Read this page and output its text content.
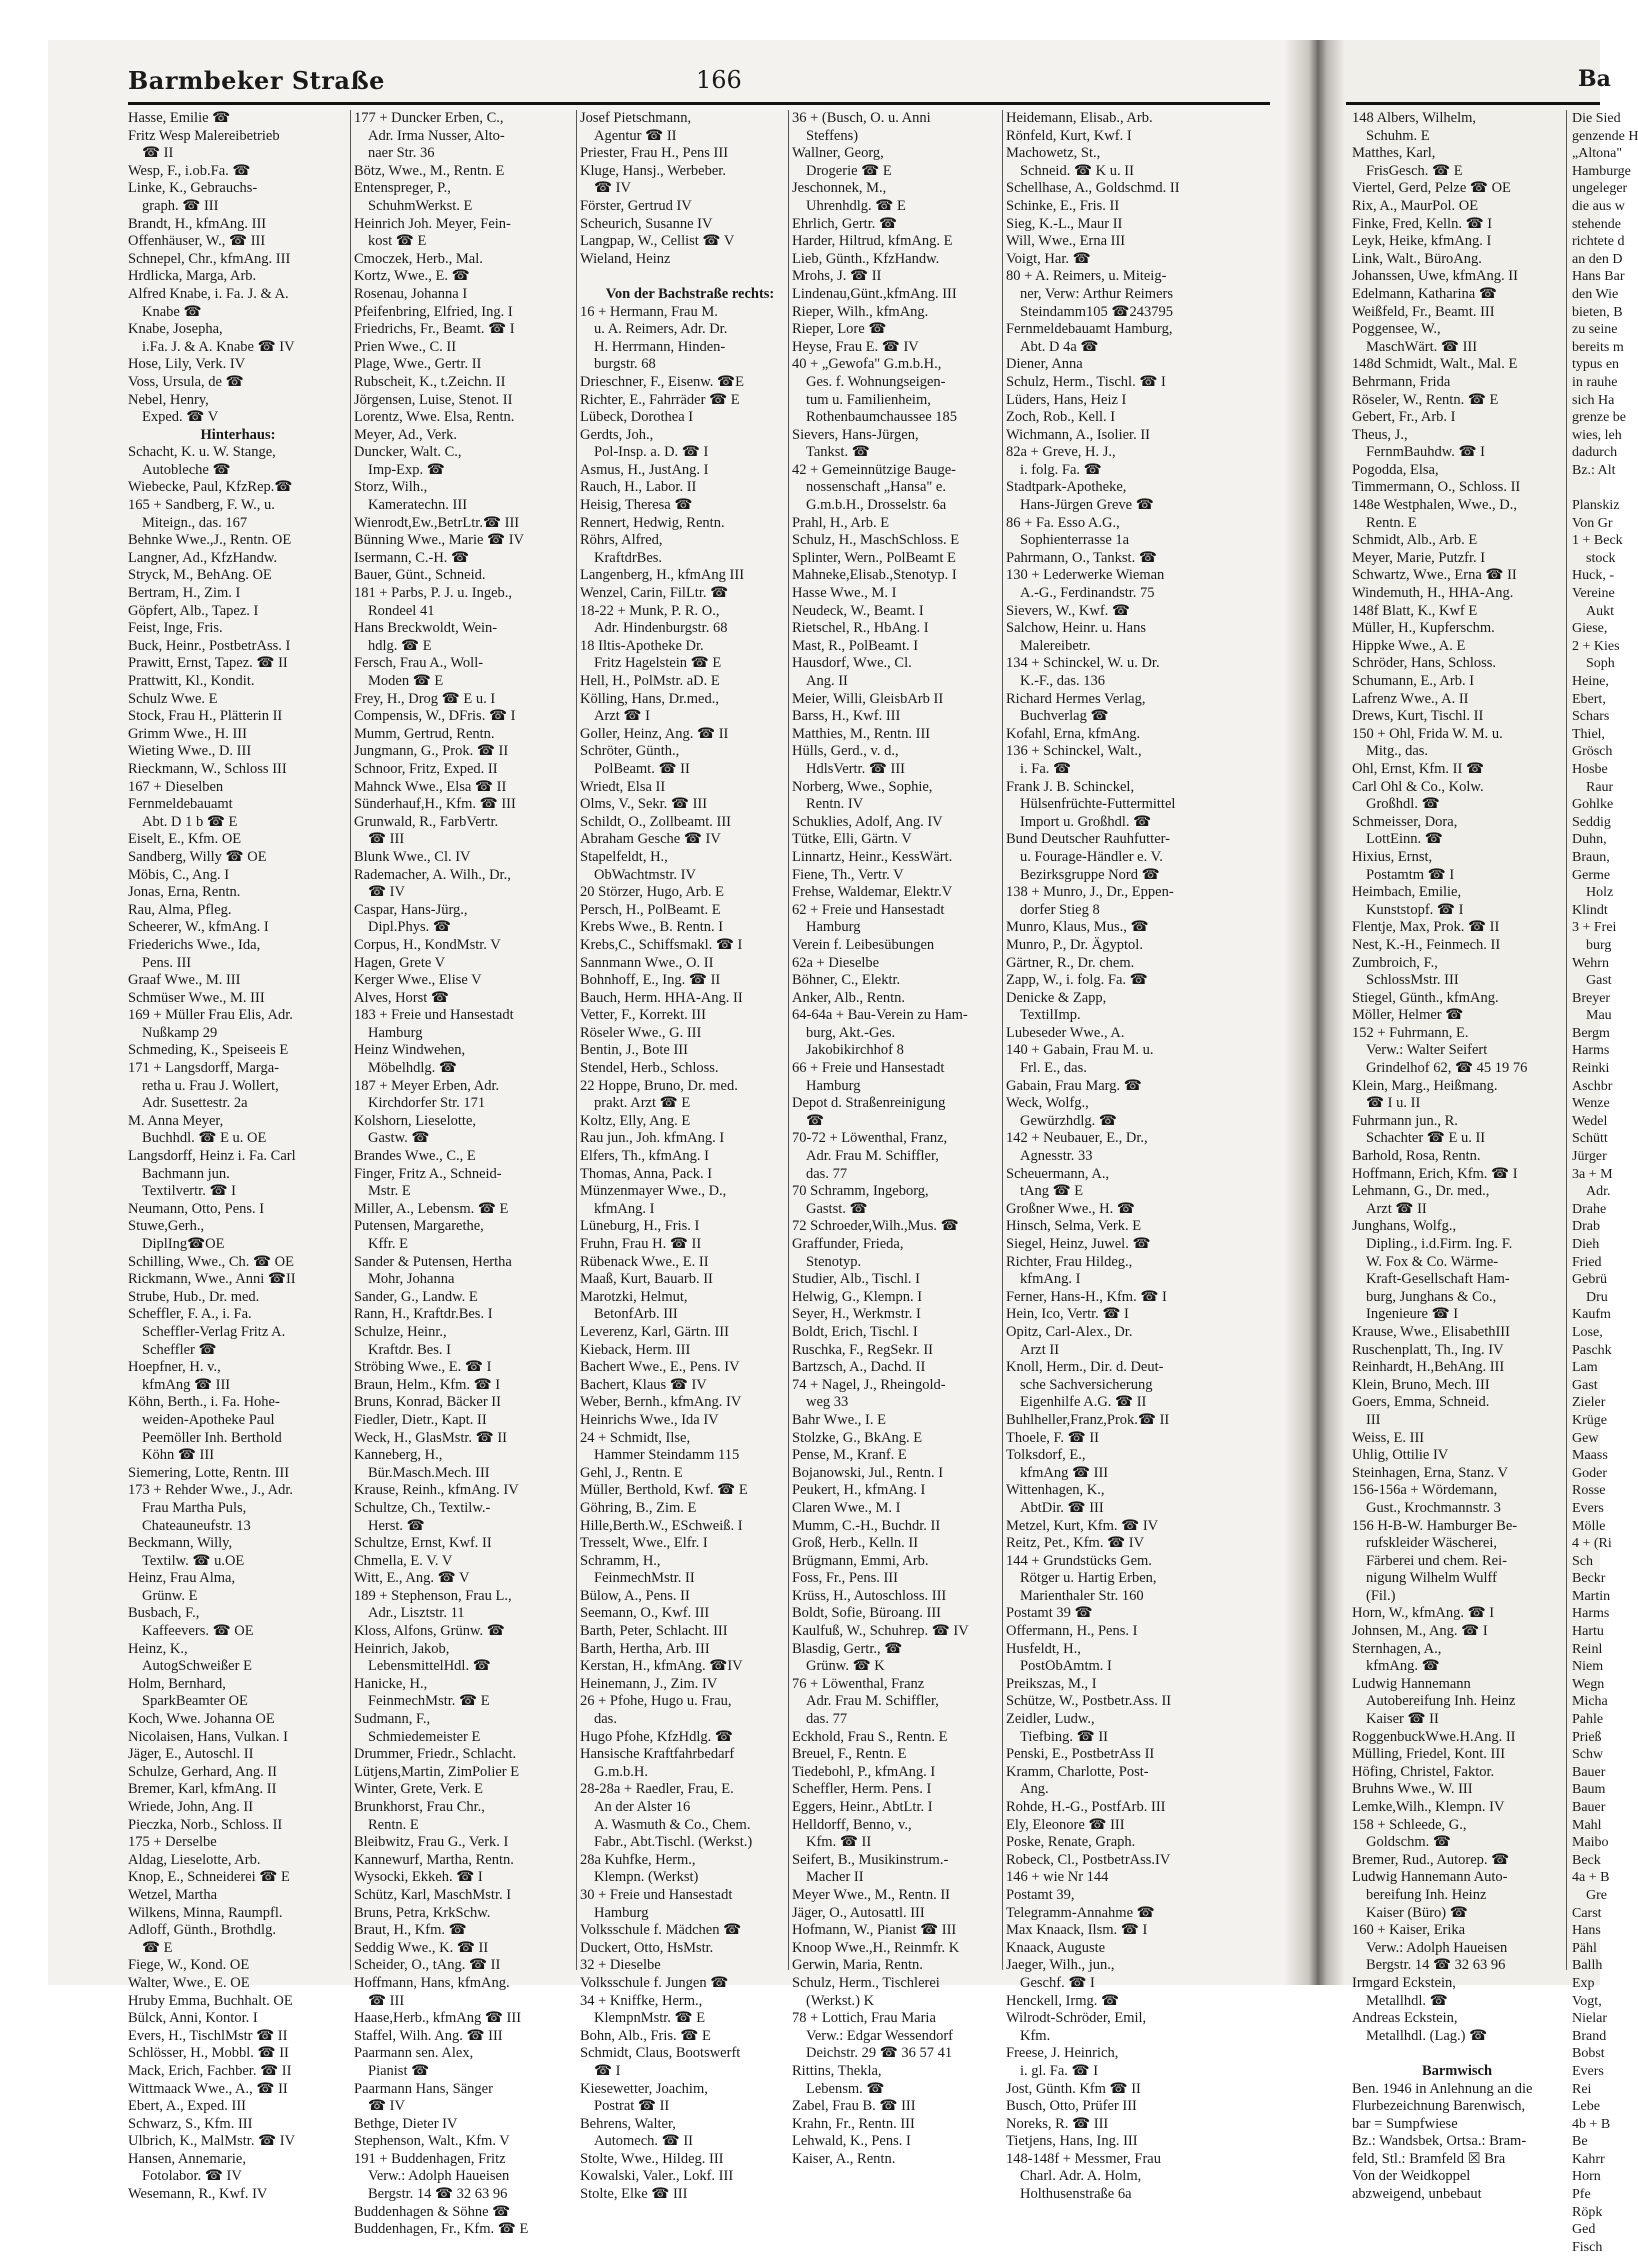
Barmbeker Straße	166
Hasse, Emilie ☎
Fritz Wesp Malereibetrieb
☎ II
Wesp, F., i.ob.Fa. ☎
Linke, K., Gebrauchs-
graph. ☎ III
Brandt, H., kfmAng. III
Offenhäuser, W., ☎ III
Schnepel, Chr., kfmAng. III
Hrdlicka, Marga, Arb.
Alfred Knabe, i. Fa. J. & A.
Knabe ☎
Knabe, Josepha,
i.Fa. J. & A. Knabe ☎ IV
Hose, Lily, Verk. IV
Voss, Ursula, de ☎
Nebel, Henry,
Exped. ☎ V
Hinterhaus:
Schacht, K. u. W. Stange,
Autobleche ☎
Wiebecke, Paul, KfzRep.☎
165 + Sandberg, F. W., u.
Miteign., das. 167
Behnke Wwe.,J., Rentn. OE
Langner, Ad., KfzHandw.
Stryck, M., BehAng. OE
Bertram, H., Zim. I
Göpfert, Alb., Tapez. I
Feist, Inge, Fris.
Buck, Heinr., PostbetrAss. I
Prawitt, Ernst, Tapez. ☎ II
Prattwitt, Kl., Kondit.
Schulz Wwe. E
Stock, Frau H., Plätterin II
Grimm Wwe., H. III
Wieting Wwe., D. III
Rieckmann, W., Schloss III
167 + Dieselben
Fernmeldebauamt
Abt. D 1 b ☎ E
Eiselt, E., Kfm. OE
Sandberg, Willy ☎ OE
Möbis, C., Ang. I
Jonas, Erna, Rentn.
Rau, Alma, Pfleg.
Scheerer, W., kfmAng. I
Friederichs Wwe., Ida,
Pens. III
Graaf Wwe., M. III
Schmüser Wwe., M. III
169 + Müller Frau Elis, Adr.
Nußkamp 29
Schmeding, K., Speiseeis E
171 + Langsdorff, Marga-
retha u. Frau J. Wollert,
Adr. Susettestr. 2a
M. Anna Meyer,
Buchhdl. ☎ E u. OE
Langsdorff, Heinz i. Fa. Carl
Bachmann jun.
Textilvertr. ☎ I
Neumann, Otto, Pens. I
Stuwe,Gerh.,
DiplIng☎OE
Schilling, Wwe., Ch. ☎ OE
Rickmann, Wwe., Anni ☎II
Strube, Hub., Dr. med.
Scheffler, F. A., i. Fa.
Scheffler-Verlag Fritz A.
Scheffler ☎
Hoepfner, H. v.,
kfmAng ☎ III
Köhn, Berth., i. Fa. Hohe-
weiden-Apotheke Paul
Peemöller Inh. Berthold
Köhn ☎ III
Siemering, Lotte, Rentn. III
173 + Rehder Wwe., J., Adr.
Frau Martha Puls,
Chateauneufstr. 13
Beckmann, Willy,
Textilw. ☎ u.OE
Heinz, Frau Alma,
Grünw. E
Busbach, F.,
Kaffeevers. ☎ OE
Heinz, K.,
AutogSchweißer E
Holm, Bernhard,
SparkBeamter OE
Koch, Wwe. Johanna OE
Nicolaisen, Hans, Vulkan. I
Jäger, E., Autoschl. II
Schulze, Gerhard, Ang. II
Bremer, Karl, kfmAng. II
Wriede, John, Ang. II
Pieczka, Norb., Schloss. II
175 + Derselbe
Aldag, Lieselotte, Arb.
Knop, E., Schneiderei ☎ E
Wetzel, Martha
Wilkens, Minna, Raumpfl.
Adloff, Günth., Brothdlg.
☎ E
Fiege, W., Kond. OE
Walter, Wwe., E. OE
Hruby Emma, Buchhalt. OE
Bülck, Anni, Kontor. I
Evers, H., TischlMstr ☎ II
Schlösser, H., Mobbl. ☎ II
Mack, Erich, Fachber. ☎ II
Wittmaack Wwe., A., ☎ II
Ebert, A., Exped. III
Schwarz, S., Kfm. III
Ulbrich, K., MalMstr. ☎ IV
Hansen, Annemarie,
Fotolabor. ☎ IV
Wesemann, R., Kwf. IV
177 + Duncker Erben, C.,
Adr. Irma Nusser, Alto-
naer Str. 36
Bötz, Wwe., M., Rentn. E
Entenspreger, P.,
SchuhmWerkst. E
Heinrich Joh. Meyer, Fein-
kost ☎ E
Cmoczek, Herb., Mal.
Kortz, Wwe., E. ☎
Rosenau, Johanna I
Pfeifenbring, Elfried, Ing. I
Friedrichs, Fr., Beamt. ☎ I
Prien Wwe., C. II
Plage, Wwe., Gertr. II
Rubscheit, K., t.Zeichn. II
Jörgensen, Luise, Stenot. II
Lorentz, Wwe. Elsa, Rentn.
Meyer, Ad., Verk.
Duncker, Walt. C.,
Imp-Exp. ☎
Storz, Wilh.,
Kameratechn. III
Wienrodt,Ew.,BetrLtr.☎ III
Bünning Wwe., Marie ☎ IV
Isermann, C.-H. ☎
Bauer, Günt., Schneid.
181 + Parbs, P. J. u. Ingeb.,
Rondeel 41
Hans Breckwoldt, Wein-
hdlg. ☎ E
Fersch, Frau A., Woll-
Moden ☎ E
Frey, H., Drog ☎ E u. I
Compensis, W., DFris. ☎ I
Mumm, Gertrud, Rentn.
Jungmann, G., Prok. ☎ II
Schnoor, Fritz, Exped. II
Mahnck Wwe., Elsa ☎ II
Sünderhauf,H., Kfm. ☎ III
Grunwald, R., FarbVertr.
☎ III
Blunk Wwe., Cl. IV
Rademacher, A. Wilh., Dr.,
☎ IV
Caspar, Hans-Jürg.,
Dipl.Phys. ☎
Corpus, H., KondMstr. V
Hagen, Grete V
Kerger Wwe., Elise V
Alves, Horst ☎
183 + Freie und Hansestadt
Hamburg
Heinz Windwehen,
Möbelhdlg. ☎
187 + Meyer Erben, Adr.
Kirchdorfer Str. 171
Kolshorn, Lieselotte,
Gastw. ☎
Brandes Wwe., C., E
Finger, Fritz A., Schneid-
Mstr. E
Miller, A., Lebensm. ☎ E
Putensen, Margarethe,
Kffr. E
Sander & Putensen, Hertha
Mohr, Johanna
Sander, G., Landw. E
Rann, H., Kraftdr.Bes. I
Schulze, Heinr.,
Kraftdr. Bes. I
Ströbing Wwe., E. ☎ I
Braun, Helm., Kfm. ☎ I
Bruns, Konrad, Bäcker II
Fiedler, Dietr., Kapt. II
Weck, H., GlasMstr. ☎ II
Kanneberg, H.,
Bür.Masch.Mech. III
Krause, Reinh., kfmAng. IV
Schultze, Ch., Textilw.-
Herst. ☎
Schultze, Ernst, Kwf. II
Chmella, E. V. V
Witt, E., Ang. ☎ V
189 + Stephenson, Frau L.,
Adr., Lisztstr. 11
Kloss, Alfons, Grünw. ☎
Heinrich, Jakob,
LebensmittelHdl. ☎
Hanicke, H.,
FeinmechMstr. ☎ E
Sudmann, F.,
Schmiedemeister E
Drummer, Friedr., Schlacht.
Lütjens,Martin, ZimPolier E
Winter, Grete, Verk. E
Brunkhorst, Frau Chr.,
Rentn. E
Bleibwitz, Frau G., Verk. I
Kannewurf, Martha, Rentn.
Wysocki, Ekkeh. ☎ I
Schütz, Karl, MaschMstr. I
Bruns, Petra, KrkSchw.
Braut, H., Kfm. ☎
Seddig Wwe., K. ☎ II
Scheider, O., tAng. ☎ II
Hoffmann, Hans, kfmAng.
☎ III
Haase,Herb., kfmAng ☎ III
Staffel, Wilh. Ang. ☎ III
Paarmann sen. Alex,
Pianist ☎
Paarmann Hans, Sänger
☎ IV
Bethge, Dieter IV
Stephenson, Walt., Kfm. V
191 + Buddenhagen, Fritz
Verw.: Adolph Haueisen
Bergstr. 14 ☎ 32 63 96
Buddenhagen & Söhne ☎
Buddenhagen, Fr., Kfm. ☎ E
Josef Pietschmann,
Agentur ☎ II
Priester, Frau H., Pens III
Kluge, Hansj., Werbeber.
☎ IV
Förster, Gertrud IV
Scheurich, Susanne IV
Langpap, W., Cellist ☎ V
Wieland, Heinz

Von der Bachstraße rechts:
16 + Hermann, Frau M.
u. A. Reimers, Adr. Dr.
H. Herrmann, Hinden-
burgstr. 68
Drieschner, F., Eisenw. ☎E
Richter, E., Fahrräder ☎ E
Lübeck, Dorothea I
Gerdts, Joh.,
Pol-Insp. a. D. ☎ I
Asmus, H., JustAng. I
Rauch, H., Labor. II
Heisig, Theresa ☎
Rennert, Hedwig, Rentn.
Röhrs, Alfred,
KraftdrBes.
Langenberg, H., kfmAng III
Wenzel, Carin, FilLtr. ☎
18-22 + Munk, P. R. O.,
Adr. Hindenburgstr. 68
18 Iltis-Apotheke Dr.
Fritz Hagelstein ☎ E
Hell, H., PolMstr. aD. E
Kölling, Hans, Dr.med.,
Arzt ☎ I
Goller, Heinz, Ang. ☎ II
Schröter, Günth.,
PolBeamt. ☎ II
Wriedt, Elsa II
Olms, V., Sekr. ☎ III
Schildt, O., Zollbeamt. III
Abraham Gesche ☎ IV
Stapelfeldt, H.,
ObWachtmstr. IV
20 Störzer, Hugo, Arb. E
Persch, H., PolBeamt. E
Krebs Wwe., B. Rentn. I
Krebs,C., Schiffsmakl. ☎ I
Sannmann Wwe., O. II
Bohnhoff, E., Ing. ☎ II
Bauch, Herm. HHA-Ang. II
Vetter, F., Korrekt. III
Röseler Wwe., G. III
Bentin, J., Bote III
Stendel, Herb., Schloss.
22 Hoppe, Bruno, Dr. med.
prakt. Arzt ☎ E
Koltz, Elly, Ang. E
Rau jun., Joh. kfmAng. I
Elfers, Th., kfmAng. I
Thomas, Anna, Pack. I
Münzenmayer Wwe., D.,
kfmAng. I
Lüneburg, H., Fris. I
Fruhn, Frau H. ☎ II
Rübenack Wwe., E. II
Maaß, Kurt, Bauarb. II
Marotzki, Helmut,
BetonfArb. III
Leverenz, Karl, Gärtn. III
Kieback, Herm. III
Bachert Wwe., E., Pens. IV
Bachert, Klaus ☎ IV
Weber, Bernh., kfmAng. IV
Heinrichs Wwe., Ida IV
24 + Schmidt, Ilse,
Hammer Steindamm 115
Gehl, J., Rentn. E
Müller, Berthold, Kwf. ☎ E
Göhring, B., Zim. E
Hille,Berth.W., ESchweiß. I
Tresselt, Wwe., Elfr. I
Schramm, H.,
FeinmechMstr. II
Bülow, A., Pens. II
Seemann, O., Kwf. III
Barth, Peter, Schlacht. III
Barth, Hertha, Arb. III
Kerstan, H., kfmAng. ☎IV
Heinemann, J., Zim. IV
26 + Pfohe, Hugo u. Frau,
das.
Hugo Pfohe, KfzHdlg. ☎
Hansische Kraftfahrbedarf
G.m.b.H.
28-28a + Raedler, Frau, E.
An der Alster 16
A. Wasmuth & Co., Chem.
Fabr., Abt.Tischl. (Werkst.)
28a Kuhfke, Herm.,
Klempn. (Werkst)
30 + Freie und Hansestadt
Hamburg
Volksschule f. Mädchen ☎
Duckert, Otto, HsMstr.
32 + Dieselbe
Volksschule f. Jungen ☎
34 + Kniffke, Herm.,
KlempnMstr. ☎ E
Bohn, Alb., Fris. ☎ E
Schmidt, Claus, Bootswerft
☎ I
Kiesewetter, Joachim,
Postrat ☎ II
Behrens, Walter,
Automech. ☎ II
Stolte, Wwe., Hildeg. III
Kowalski, Valer., Lokf. III
Stolte, Elke ☎ III
36 + (Busch, O. u. Anni
Steffens)
Wallner, Georg,
Drogerie ☎ E
Jeschonnek, M.,
Uhrenhdlg. ☎ E
Ehrlich, Gertr. ☎
Harder, Hiltrud, kfmAng. E
Lieb, Günth., KfzHandw.
Mrohs, J. ☎ II
Lindenau,Günt.,kfmAng. III
Rieper, Wilh., kfmAng.
Rieper, Lore ☎
Heyse, Frau E. ☎ IV
40 + „Gewofa" G.m.b.H.,
Ges. f. Wohnungseigen-
tum u. Familienheim,
Rothenbaumchaussee 185
Sievers, Hans-Jürgen,
Tankst. ☎
42 + Gemeinnützige Bauge-
nossenschaft „Hansa" e.
G.m.b.H., Drosselstr. 6a
Prahl, H., Arb. E
Schulz, H., MaschSchloss. E
Splinter, Wern., PolBeamt E
Mahneke,Elisab.,Stenotyp. I
Hasse Wwe., M. I
Neudeck, W., Beamt. I
Rietschel, R., HbAng. I
Mast, R., PolBeamt. I
Hausdorf, Wwe., Cl.
Ang. II
Meier, Willi, GleisbArb II
Barss, H., Kwf. III
Matthies, M., Rentn. III
Hülls, Gerd., v. d.,
HdlsVertr. ☎ III
Norberg, Wwe., Sophie,
Rentn. IV
Schuklies, Adolf, Ang. IV
Tütke, Elli, Gärtn. V
Linnartz, Heinr., KessWärt.
Fiene, Th., Vertr. V
Frehse, Waldemar, Elektr.V
62 + Freie und Hansestadt
Hamburg
Verein f. Leibesübungen
62a + Dieselbe
Böhner, C., Elektr.
Anker, Alb., Rentn.
64-64a + Bau-Verein zu Ham-
burg, Akt.-Ges.
Jakobikirchhof 8
66 + Freie und Hansestadt
Hamburg
Depot d. Straßenreinigung
☎
70-72 + Löwenthal, Franz,
Adr. Frau M. Schiffler,
das. 77
70 Schramm, Ingeborg,
Gastst. ☎
72 Schroeder,Wilh.,Mus. ☎
Graffunder, Frieda,
Stenotyp.
Studier, Alb., Tischl. I
Helwig, G., Klempn. I
Seyer, H., Werkmstr. I
Boldt, Erich, Tischl. I
Ruschka, F., RegSekr. II
Bartzsch, A., Dachd. II
74 + Nagel, J., Rheingold-
weg 33
Bahr Wwe., I. E
Stolzke, G., BkAng. E
Pense, M., Kranf. E
Bojanowski, Jul., Rentn. I
Peukert, H., kfmAng. I
Claren Wwe., M. I
Mumm, C.-H., Buchdr. II
Groß, Herb., Kelln. II
Brügmann, Emmi, Arb.
Foss, Fr., Pens. III
Krüss, H., Autoschloss. III
Boldt, Sofie, Büroang. III
Kaulfuß, W., Schuhrep. ☎ IV
Blasdig, Gertr., ☎
Grünw. ☎ K
76 + Löwenthal, Franz
Adr. Frau M. Schiffler,
das. 77
Eckhold, Frau S., Rentn. E
Breuel, F., Rentn. E
Tiedebohl, P., kfmAng. I
Scheffler, Herm. Pens. I
Eggers, Heinr., AbtLtr. I
Helldorff, Benno, v.,
Kfm. ☎ II
Seifert, B., Musikinstrum.-
Macher II
Meyer Wwe., M., Rentn. II
Jäger, O., Autosattl. III
Hofmann, W., Pianist ☎ III
Knoop Wwe.,H., Reinmfr. K
Gerwin, Maria, Rentn.
Schulz, Herm., Tischlerei
(Werkst.) K
78 + Lottich, Frau Maria
Verw.: Edgar Wessendorf
Deichstr. 29 ☎ 36 57 41
Rittins, Thekla,
Lebensm. ☎
Zabel, Frau B. ☎ III
Krahn, Fr., Rentn. III
Lehwald, K., Pens. I
Kaiser, A., Rentn.
Heidemann, Elisab., Arb.
Rönfeld, Kurt, Kwf. I
Machowetz, St.,
Schneid. ☎ K u. II
Schellhase, A., Goldschmd. II
Schinke, E., Fris. II
Sieg, K.-L., Maur II
Will, Wwe., Erna III
Voigt, Har. ☎
80 + A. Reimers, u. Miteig-
ner, Verw: Arthur Reimers
Steindamm105 ☎243795
Fernmeldebauamt Hamburg,
Abt. D 4a ☎
Diener, Anna
Schulz, Herm., Tischl. ☎ I
Lüders, Hans, Heiz I
Zoch, Rob., Kell. I
Wichmann, A., Isolier. II
82a + Greve, H. J.,
i. folg. Fa. ☎
Stadtpark-Apotheke,
Hans-Jürgen Greve ☎
86 + Fa. Esso A.G.,
Sophienterrasse 1a
Pahrmann, O., Tankst. ☎
130 + Lederwerke Wieman
A.-G., Ferdinandstr. 75
Sievers, W., Kwf. ☎
Salchow, Heinr. u. Hans
Malereibetr.
134 + Schinckel, W. u. Dr.
K.-F., das. 136
Richard Hermes Verlag,
Buchverlag ☎
Kofahl, Erna, kfmAng.
136 + Schinckel, Walt.,
i. Fa. ☎
Frank J. B. Schinckel,
Hülsenfrüchte-Futtermittel
Import u. Großhdl. ☎
Bund Deutscher Rauhfutter-
u. Fourage-Händler e. V.
Bezirksgruppe Nord ☎
138 + Munro, J., Dr., Eppen-
dorfer Stieg 8
Munro, Klaus, Mus., ☎
Munro, P., Dr. Ägyptol.
Gärtner, R., Dr. chem.
Zapp, W., i. folg. Fa. ☎
Denicke & Zapp,
TextilImp.
Lubeseder Wwe., A.
140 + Gabain, Frau M. u.
Frl. E., das.
Gabain, Frau Marg. ☎
Weck, Wolfg.,
Gewürzhdlg. ☎
142 + Neubauer, E., Dr.,
Agnesstr. 33
Scheuermann, A.,
tAng ☎ E
Großner Wwe., H. ☎
Hinsch, Selma, Verk. E
Siegel, Heinz, Juwel. ☎
Richter, Frau Hildeg.,
kfmAng. I
Ferner, Hans-H., Kfm. ☎ I
Hein, Ico, Vertr. ☎ I
Opitz, Carl-Alex., Dr.
Arzt II
Knoll, Herm., Dir. d. Deut-
sche Sachversicherung
Eigenhilfe A.G. ☎ II
Buhlheller,Franz,Prok.☎ II
Thoele, F. ☎ II
Tolksdorf, E.,
kfmAng ☎ III
Wittenhagen, K.,
AbtDir. ☎ III
Metzel, Kurt, Kfm. ☎ IV
Reitz, Pet., Kfm. ☎ IV
144 + Grundstücks Gem.
Rötger u. Hartig Erben,
Marienthaler Str. 160
Postamt 39 ☎
Offermann, H., Pens. I
Husfeldt, H.,
PostObAmtm. I
Preikszas, M., I
Schütze, W., Postbetr.Ass. II
Zeidler, Ludw.,
Tiefbing. ☎ II
Penski, E., PostbetrAss II
Kramm, Charlotte, Post-
Ang.
Rohde, H.-G., PostfArb. III
Ely, Eleonore ☎ III
Poske, Renate, Graph.
Robeck, Cl., PostbetrAss.IV
146 + wie Nr 144
Postamt 39,
Telegramm-Annahme ☎
Max Knaack, Ilsm. ☎ I
Knaack, Auguste
Jaeger, Wilh., jun.,
Geschf. ☎ I
Henckell, Irmg. ☎
Wilrodt-Schröder, Emil,
Kfm.
Freese, J. Heinrich,
i. gl. Fa. ☎ I
Jost, Günth. Kfm ☎ II
Busch, Otto, Prüfer III
Noreks, R. ☎ III
Tietjens, Hans, Ing. III
148-148f + Messmer, Frau
Charl. Adr. A. Holm,
Holthusenstraße 6a
148 Albers, Wilhelm,
Schuhm. E
Matthes, Karl,
FrisGesch. ☎ E
Viertel, Gerd, Pelze ☎ OE
Rix, A., MaurPol. OE
Finke, Fred, Kelln. ☎ I
Leyk, Heike, kfmAng. I
Link, Walt., BüroAng.
Johanssen, Uwe, kfmAng. II
Edelmann, Katharina ☎
Weißfeld, Fr., Beamt. III
Poggensee, W.,
MaschWärt. ☎ III
148d Schmidt, Walt., Mal. E
Behrmann, Frida
Röseler, W., Rentn. ☎ E
Gebert, Fr., Arb. I
Theus, J.,
FernmBauhdw. ☎ I
Pogodda, Elsa,
Timmermann, O., Schloss. II
148e Westphalen, Wwe., D.,
Rentn. E
Schmidt, Alb., Arb. E
Meyer, Marie, Putzfr. I
Schwartz, Wwe., Erna ☎ II
Windemuth, H., HHA-Ang.
148f Blatt, K., Kwf E
Müller, H., Kupferschm.
Hippke Wwe., A. E
Schröder, Hans, Schloss.
Schumann, E., Arb. I
Lafrenz Wwe., A. II
Drews, Kurt, Tischl. II
150 + Ohl, Frida W. M. u.
Mitg., das.
Ohl, Ernst, Kfm. II ☎
Carl Ohl & Co., Kolw.
Großhdl. ☎
Schmeisser, Dora,
LottEinn. ☎
Hixius, Ernst,
Postamtm ☎ I
Heimbach, Emilie,
Kunststopf. ☎ I
Flentje, Max, Prok. ☎ II
Nest, K.-H., Feinmech. II
Zumbroich, F.,
SchlossMstr. III
Stiegel, Günth., kfmAng.
Möller, Helmer ☎
152 + Fuhrmann, E.
Verw.: Walter Seifert
Grindelhof 62, ☎ 45 19 76
Klein, Marg., Heißmang.
☎ I u. II
Fuhrmann jun., R.
Schachter ☎ E u. II
Barhold, Rosa, Rentn.
Hoffmann, Erich, Kfm. ☎ I
Lehmann, G., Dr. med.,
Arzt ☎ II
Junghans, Wolfg.,
Dipling., i.d.Firm. Ing. F.
W. Fox & Co. Wärme-
Kraft-Gesellschaft Ham-
burg, Junghans & Co.,
Ingenieure ☎ I
Krause, Wwe., ElisabethIII
Ruschenplatt, Th., Ing. IV
Reinhardt, H.,BehAng. III
Klein, Bruno, Mech. III
Goers, Emma, Schneid.
III
Weiss, E. III
Uhlig, Ottilie IV
Steinhagen, Erna, Stanz. V
156-156a + Wördemann,
Gust., Krochmannstr. 3
156 H-B-W. Hamburger Be-
rufskleider Wäscherei,
Färberei und chem. Rei-
nigung Wilhelm Wulff
(Fil.)
Horn, W., kfmAng. ☎ I
Johnsen, M., Ang. ☎ I
Sternhagen, A.,
kfmAng. ☎
Ludwig Hannemann
Autobereifung Inh. Heinz
Kaiser ☎ II
RoggenbuckWwe.H.Ang. II
Mülling, Friedel, Kont. III
Höfing, Christel, Faktor.
Bruhns Wwe., W. III
Lemke,Wilh., Klempn. IV
158 + Schleede, G.,
Goldschm. ☎
Bremer, Rud., Autorep. ☎
Ludwig Hannemann Auto-
bereifung Inh. Heinz
Kaiser (Büro) ☎
160 + Kaiser, Erika
Verw.: Adolph Haueisen
Bergstr. 14 ☎ 32 63 96
Irmgard Eckstein,
Metallhdl. ☎
Andreas Eckstein,
Metallhdl. (Lag.) ☎

Barmwisch
Ben. 1946 in Anlehnung an die
Flurbezeichnung Barenwisch,
bar = Sumpfwiese
Bz.: Wandsbek, Ortsa.: Bram-
feld, Stl.: Bramfeld ☒ Bra
Von der Weidkoppel
abzweigend, unbebaut
Ba
Die Sied
genzende H
„Altona"
Hamburge
ungeleger
die aus w
stehende
richtete d
an den D
Hans Bar
den Wie
bieten, B
zu seine
bereits m
typus en
in rauhe
sich Ha
grenze be
wies, leh
dadurch
Bz.: Alt

Planskiz
Von Gr
1 + Beck
stock
Huck, -
Vereine
Aukt
Giese,
2 + Kies
Soph
Heine,
Ebert,
Schars
Thiel,
Grösch
Hosbe
Raur
Gohlke
Seddig
Duhn,
Braun,
Germe
Holz
Klindt
3 + Frei
burg
Wehrn
Gast
Breyer
Mau
Bergm
Harms
Reinki
Aschbr
Wenze
Wedel
Schütt
Jürger
3a + M
Adr.
Drahe
Drab
Dieh
Fried
Gebrü
Dru
Kaufm
Lose,
Paschk
Lam
Gast
Zieler
Krüge
Gew
Maass
Goder
Rosse
Evers
Mölle
4 + (Ri
Sch
Beckr
Martin
Harms
Hartu
Reinl
Niem
Wegn
Micha
Pahle
Prieß
Schw
Bauer
Baum
Bauer
Mahl
Maibo
Beck
4a + B
Gre
Carst
Hans
Pähl
Ballh
Exp
Vogt,
Nielar
Brand
Bobst
Evers
Rei
Lebe
4b + B
Be
Kahrr
Horn
Pfe
Röpk
Ged
Fisch
